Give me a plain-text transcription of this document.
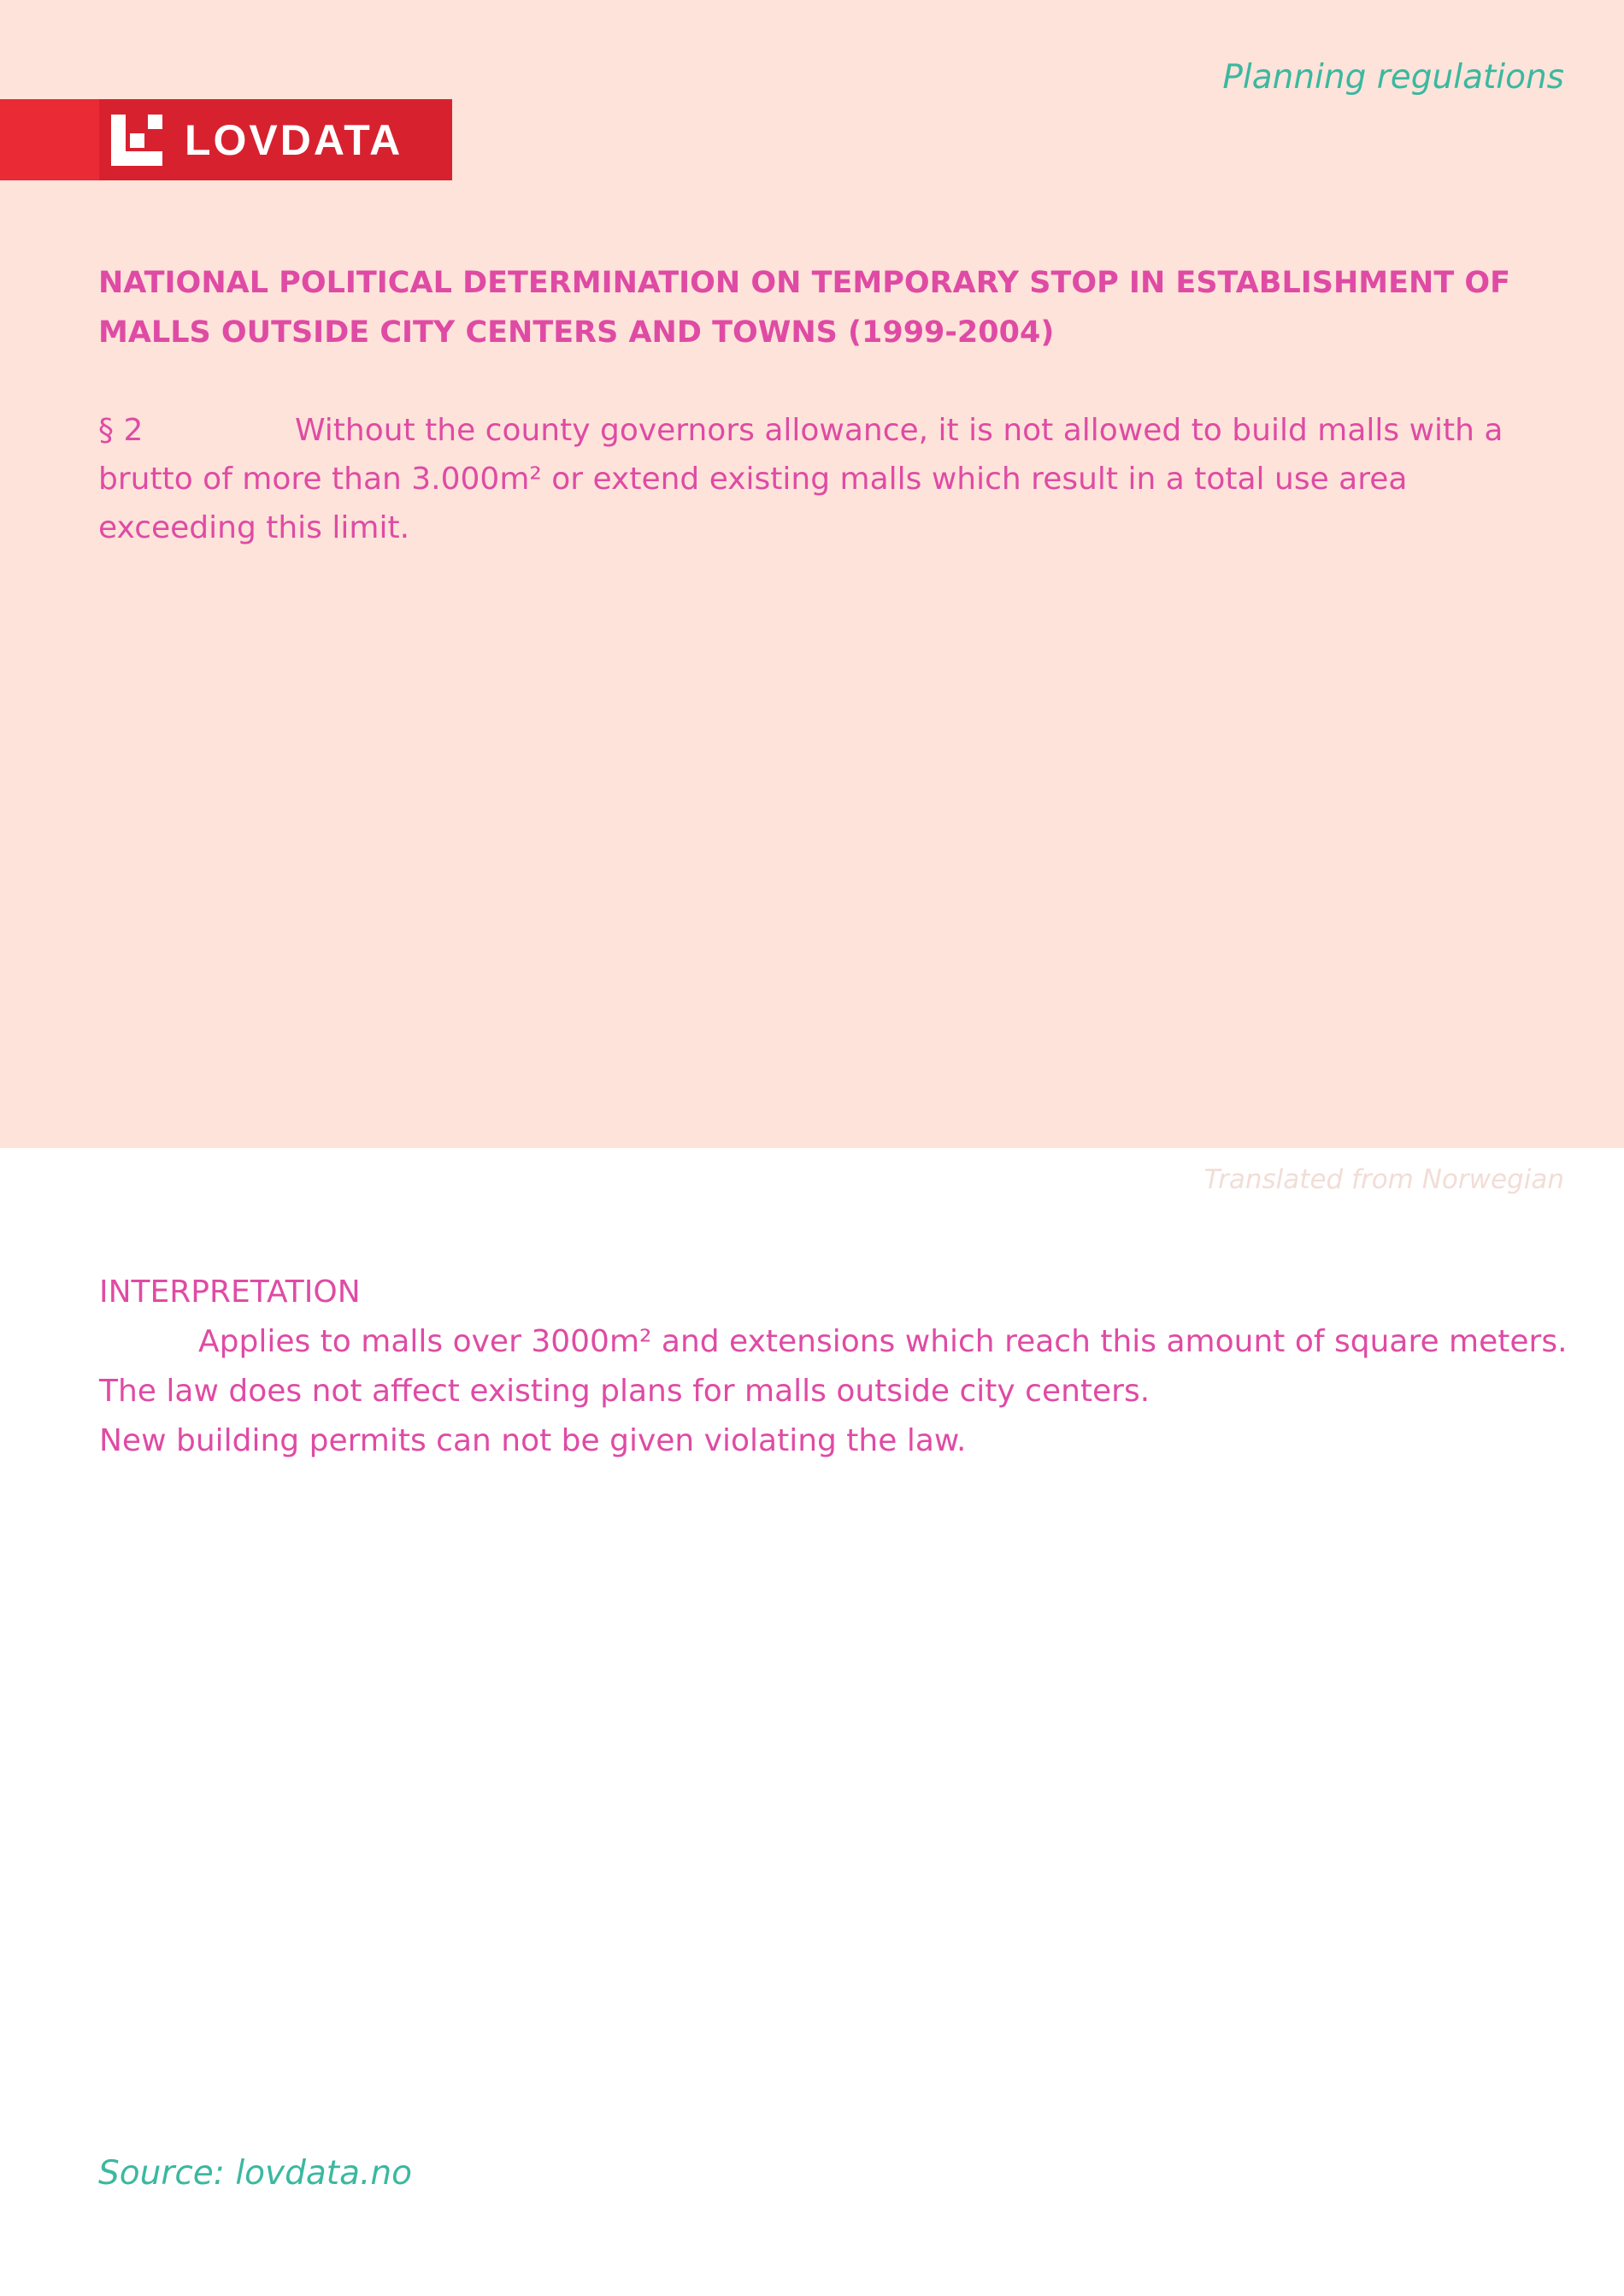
Planning regulations
LOVDATA
NATIONAL POLITICAL DETERMINATION ON TEMPORARY STOP IN ESTABLISHMENT OF MALLS OUTSIDE CITY CENTERS AND TOWNS (1999-2004)

§ 2	Without the county governors allowance, it is not allowed to build malls with a brutto of more than 3.000m² or extend existing malls which result in a total use area exceeding this limit.

Translated from Norwegian
INTERPRETATION
Applies to malls over 3000m² and extensions which reach this amount of square meters.
The law does not affect existing plans for malls outside city centers.
New building permits can not be given violating the law.
Source: lovdata.no
